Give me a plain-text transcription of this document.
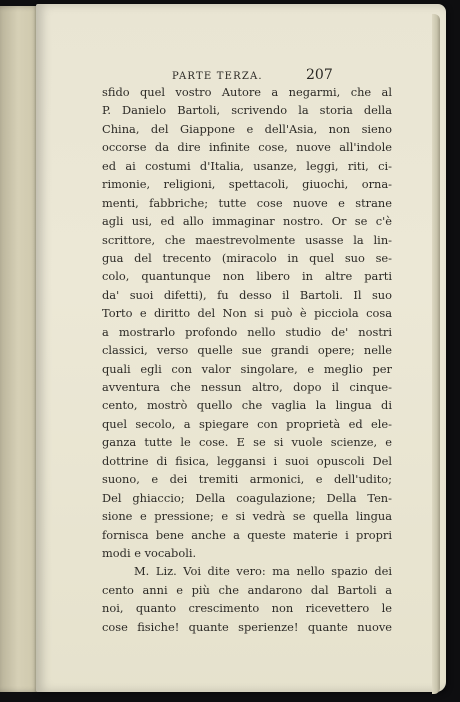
PARTE TERZA.	207
sfido quel vostro Autore a negarmi, che al
P. Danielo Bartoli, scrivendo la storia della
China, del Giappone e dell'Asia, non sieno
occorse da dire infinite cose, nuove all'indole
ed ai costumi d'Italia, usanze, leggi, riti, ci-
rimonie, religioni, spettacoli, giuochi, orna-
menti, fabbriche; tutte cose nuove e strane
agli usi, ed allo immaginar nostro. Or se c'è
scrittore, che maestrevolmente usasse la lin-
gua del trecento (miracolo in quel suo se-
colo, quantunque non libero in altre parti
da' suoi difetti), fu desso il Bartoli. Il suo
Torto e diritto del Non si può è picciola cosa
a mostrarlo profondo nello studio de' nostri
classici, verso quelle sue grandi opere; nelle
quali egli con valor singolare, e meglio per
avventura che nessun altro, dopo il cinque-
cento, mostrò quello che vaglia la lingua di
quel secolo, a spiegare con proprietà ed ele-
ganza tutte le cose. E se si vuole scienze, e
dottrine di fisica, leggansi i suoi opuscoli Del
suono, e dei tremiti armonici, e dell'udito;
Del ghiaccio; Della coagulazione; Della Ten-
sione e pressione; e si vedrà se quella lingua
fornisca bene anche a queste materie i propri
modi e vocaboli.
M. Liz. Voi dite vero: ma nello spazio dei
cento anni e più che andarono dal Bartoli a
noi, quanto crescimento non ricevettero le
cose fisiche! quante sperienze! quante nuove
